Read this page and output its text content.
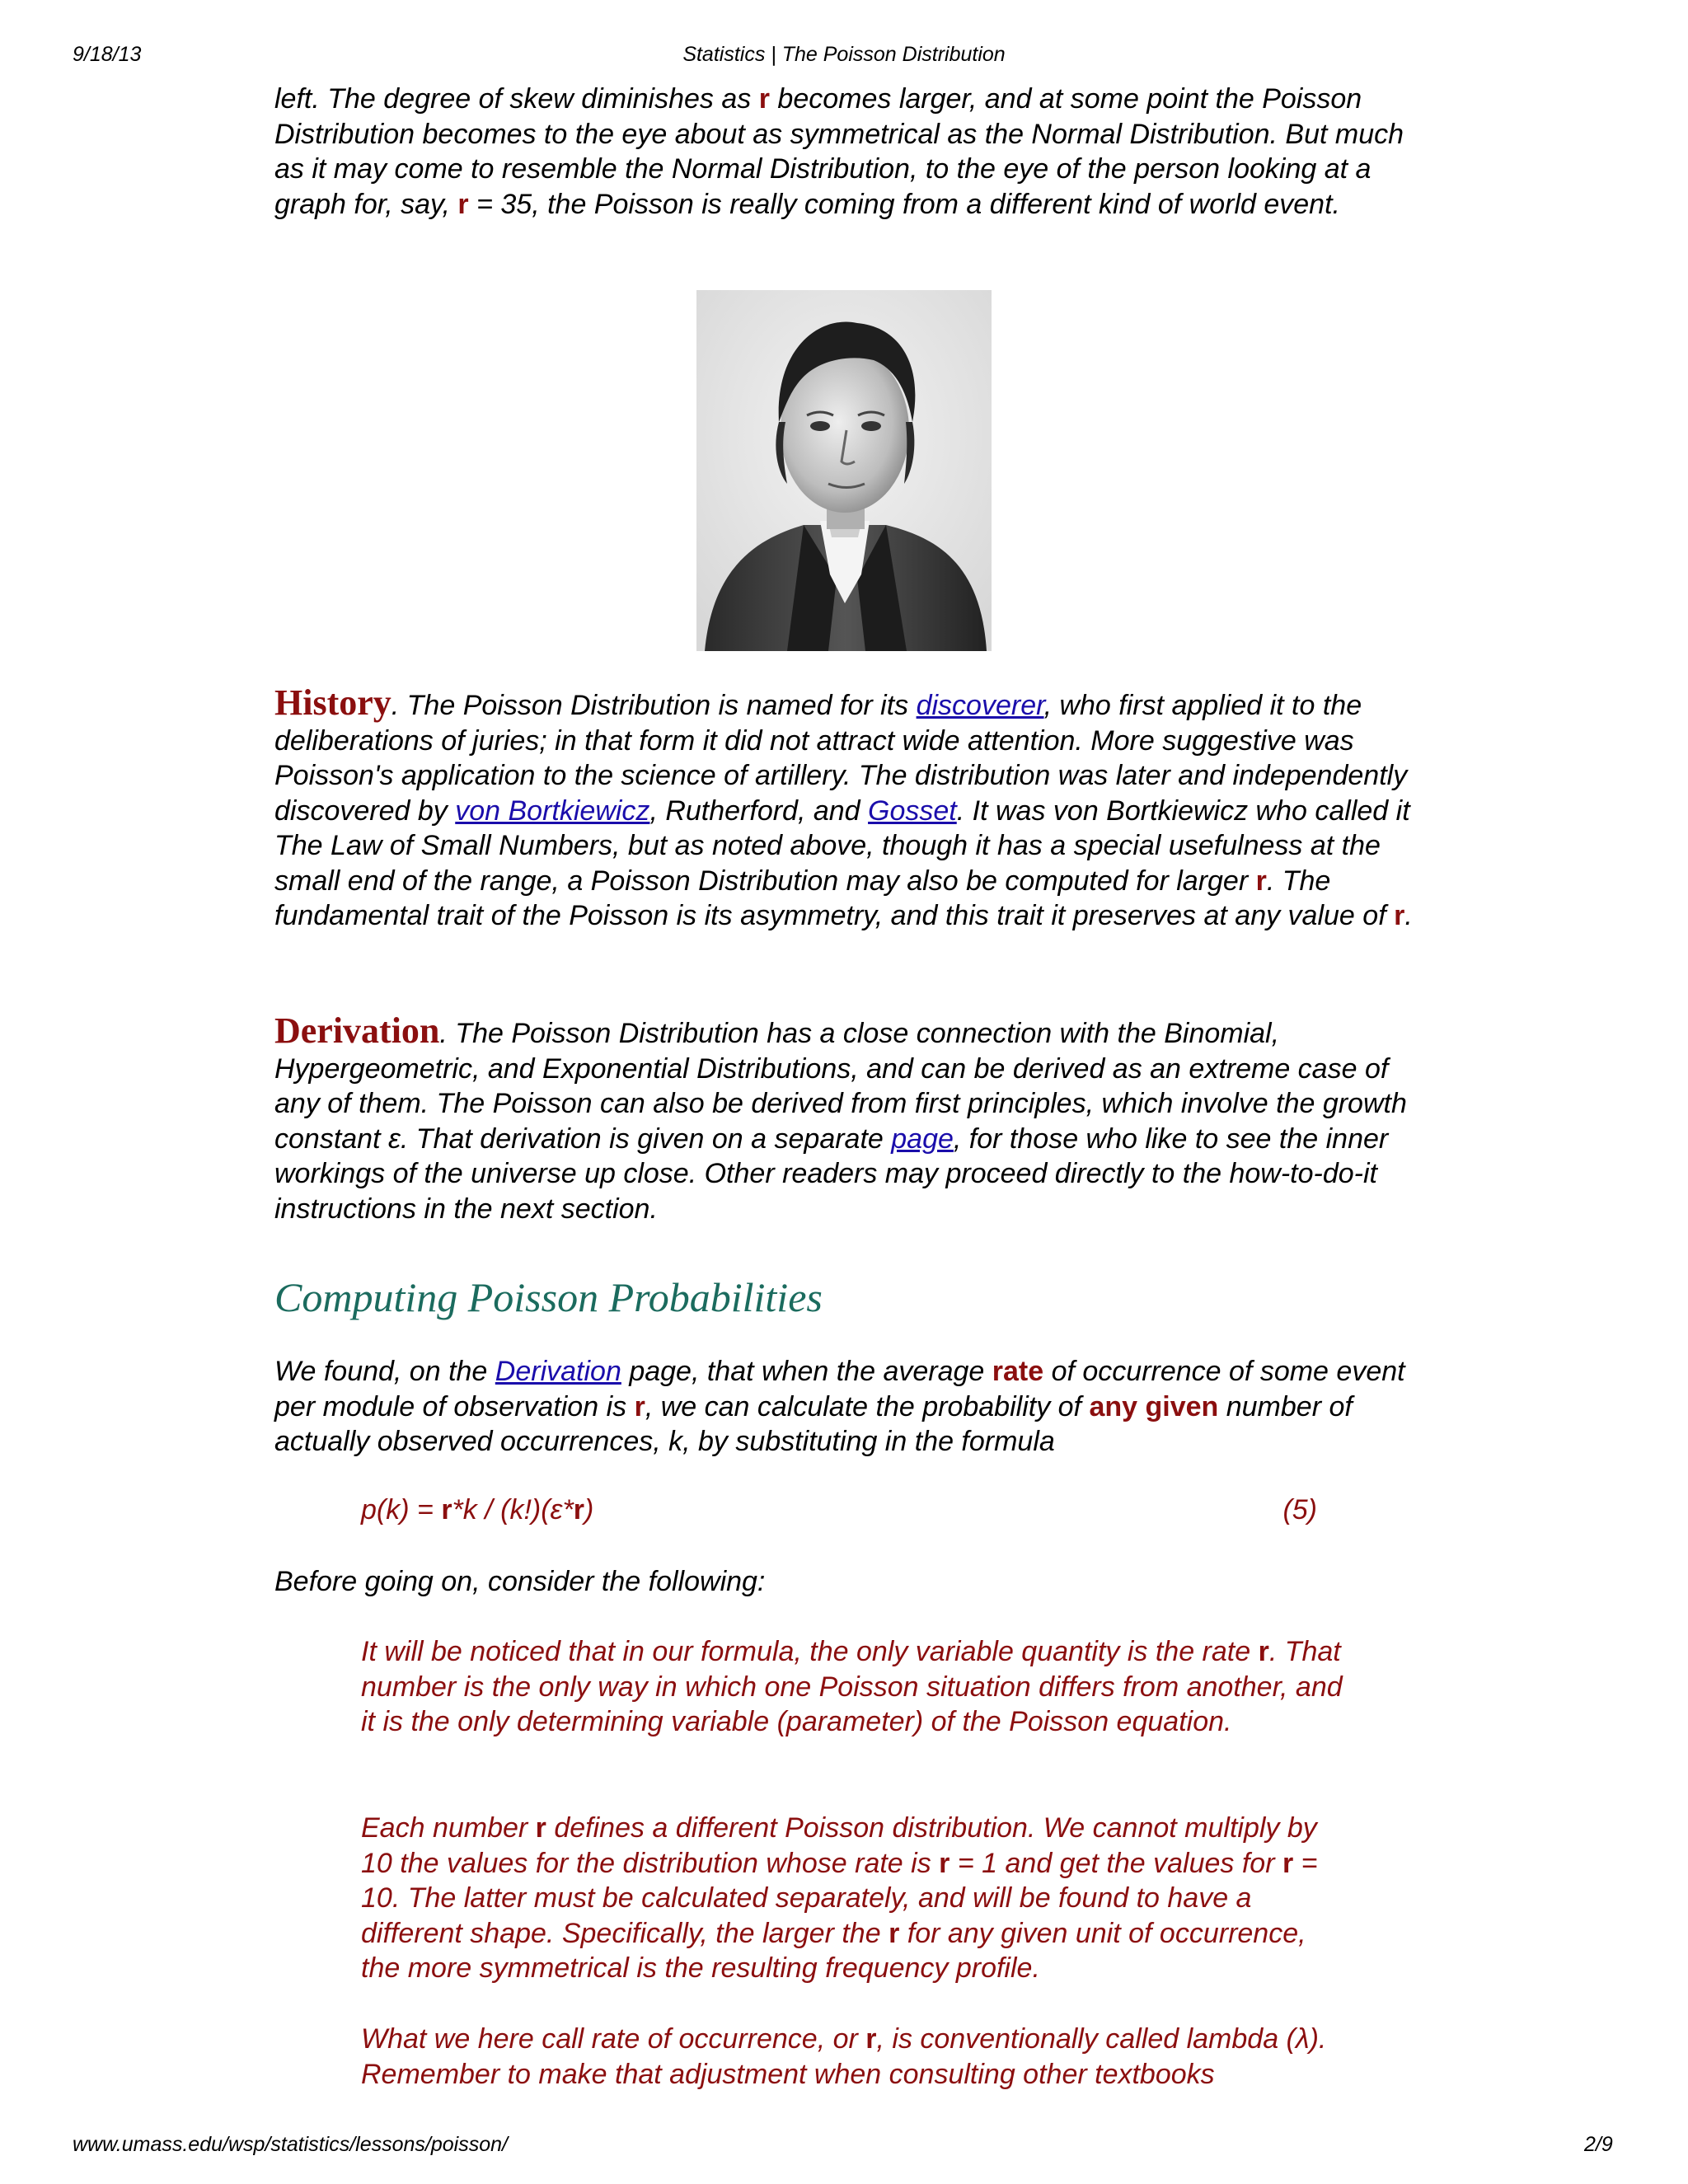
9/18/13	Statistics | The Poisson Distribution

left. The degree of skew diminishes as r becomes larger, and at some point the Poisson Distribution becomes to the eye about as symmetrical as the Normal Distribution. But much as it may come to resemble the Normal Distribution, to the eye of the person looking at a graph for, say, r = 35, the Poisson is really coming from a different kind of world event.

History. The Poisson Distribution is named for its discoverer, who first applied it to the deliberations of juries; in that form it did not attract wide attention. More suggestive was Poisson's application to the science of artillery. The distribution was later and independently discovered by von Bortkiewicz, Rutherford, and Gosset. It was von Bortkiewicz who called it The Law of Small Numbers, but as noted above, though it has a special usefulness at the small end of the range, a Poisson Distribution may also be computed for larger r. The fundamental trait of the Poisson is its asymmetry, and this trait it preserves at any value of r.

Derivation. The Poisson Distribution has a close connection with the Binomial, Hypergeometric, and Exponential Distributions, and can be derived as an extreme case of any of them. The Poisson can also be derived from first principles, which involve the growth constant ε. That derivation is given on a separate page, for those who like to see the inner workings of the universe up close. Other readers may proceed directly to the how-to-do-it instructions in the next section.

Computing Poisson Probabilities

We found, on the Derivation page, that when the average rate of occurrence of some event per module of observation is r, we can calculate the probability of any given number of actually observed occurrences, k, by substituting in the formula

p(k) = r*k / (k!)(ε*r)	(5)
Before going on, consider the following:
It will be noticed that in our formula, the only variable quantity is the rate r. That number is the only way in which one Poisson situation differs from another, and it is the only determining variable (parameter) of the Poisson equation.
Each number r defines a different Poisson distribution. We cannot multiply by 10 the values for the distribution whose rate is r = 1 and get the values for r = 10. The latter must be calculated separately, and will be found to have a different shape. Specifically, the larger the r for any given unit of occurrence, the more symmetrical is the resulting frequency profile.
What we here call rate of occurrence, or r, is conventionally called lambda (λ). Remember to make that adjustment when consulting other textbooks
www.umass.edu/wsp/statistics/lessons/poisson/	2/9
